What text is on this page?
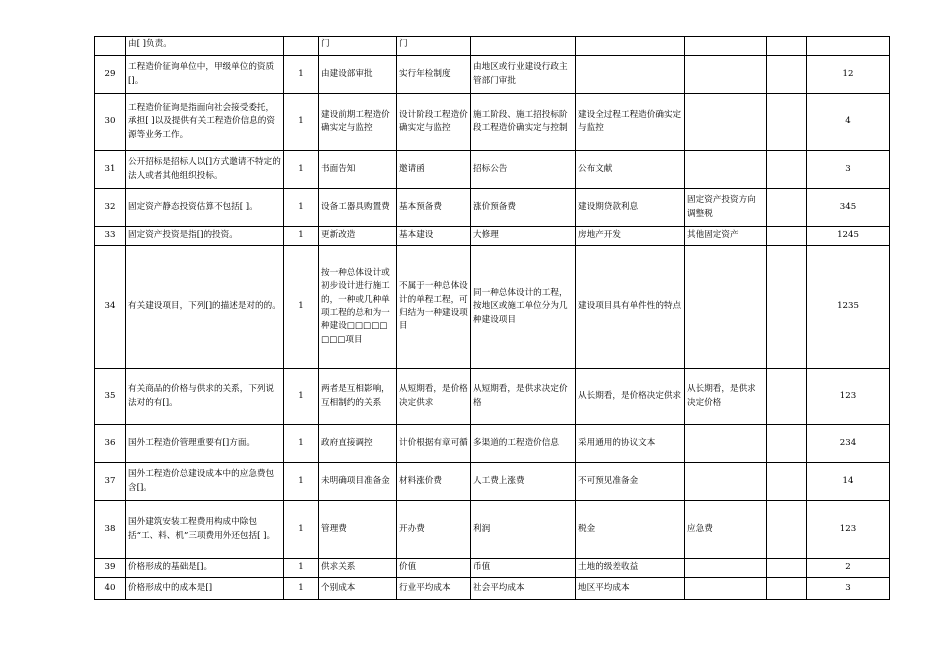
	由[ ]负责。		门	门					
29	工程造价征询单位中，甲级单位的资质[]。	1	由建设部审批	实行年检制度	由地区或行业建设行政主管部门审批				12
30	工程造价征询是指面向社会接受委托，承担[ ]以及提供有关工程造价信息的资源等业务工作。	1	建设前期工程造价确实定与监控	设计阶段工程造价确实定与监控	施工阶段、施工招投标阶段工程造价确实定与控制	建设全过程工程造价确实定与监控			4
31	公开招标是招标人以[]方式邀请不特定的法人或者其他组织投标。	1	书面告知	邀请函	招标公告	公布文献			3
32	固定资产静态投资估算不包括[ ]。	1	设备工器具购置费	基本预备费	涨价预备费	建设期贷款利息	固定资产投资方向调整税		345
33	固定资产投资是指[]的投资。	1	更新改造	基本建设	大修理	房地产开发	其他固定资产		1245
34	有关建设项目，下列[]的描述是对的的。	1	按一种总体设计或初步设计进行施工的，一种或几种单项工程的总和为一种建设□□□□□□□□项目	不属于一种总体设计的单程工程，可归结为一种建设项目	同一种总体设计的工程，按地区或施工单位分为几种建设项目	建设项目具有单件性的特点			1235
35	有关商品的价格与供求的关系，下列说法对的有[]。	1	两者是互相影响，互相制约的关系	从短期看，是价格决定供求	从短期看，是供求决定价格	从长期看，是价格决定供求	从长期看，是供求决定价格		123
36	国外工程造价管理重要有[]方面。	1	政府直接调控	计价根据有章可循	多渠道的工程造价信息	采用通用的协议文本			234
37	国外工程造价总建设成本中的应急费包含[]。	1	未明确项目准备金	材料涨价费	人工费上涨费	不可预见准备金			14
38	国外建筑安装工程费用构成中除包括“工、料、机”三项费用外还包括[ ]。	1	管理费	开办费	利润	税金	应急费		123
39	价格形成的基础是[]。	1	供求关系	价值	币值	土地的级差收益			2
40	价格形成中的成本是[]	1	个别成本	行业平均成本	社会平均成本	地区平均成本			3
